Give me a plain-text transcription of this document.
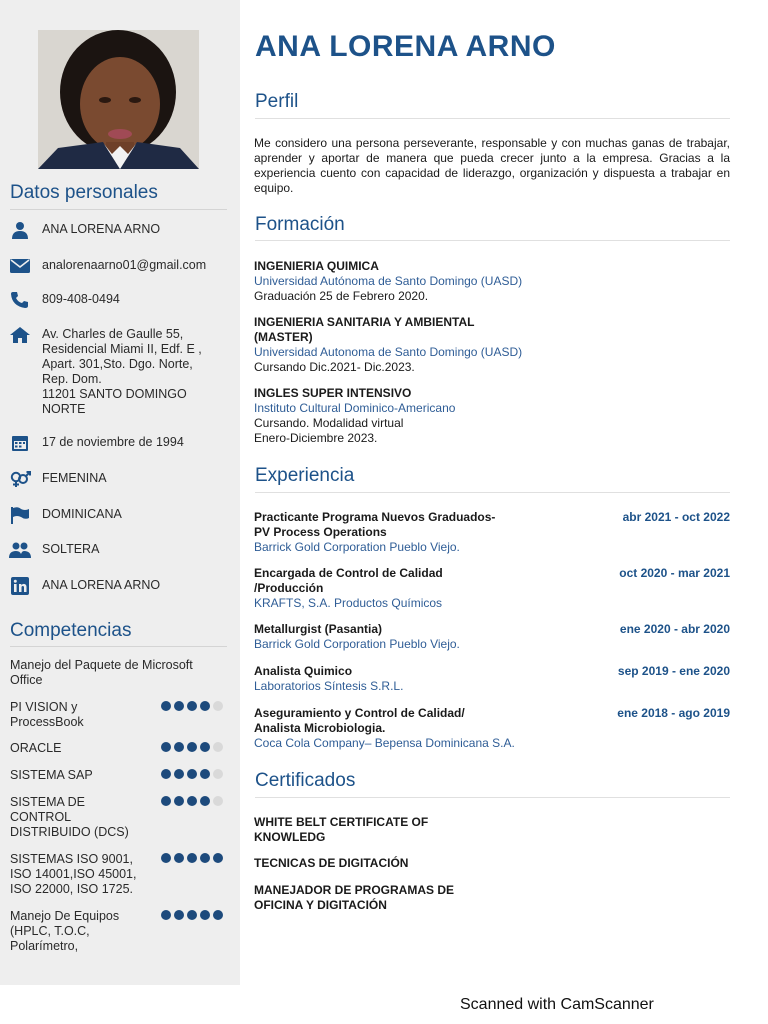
Datos personales
ANA LORENA ARNO
analorenaarno01@gmail.com
809-408-0494
Av. Charles de Gaulle 55,
Residencial Miami II, Edf. E ,
Apart. 301,Sto. Dgo. Norte,
Rep. Dom.
11201 SANTO DOMINGO
NORTE
17 de noviembre de 1994
FEMENINA
DOMINICANA
SOLTERA
ANA LORENA ARNO
Competencias
Manejo del Paquete de Microsoft
Office
PI VISION y
ProcessBook
ORACLE
SISTEMA SAP
SISTEMA DE
CONTROL
DISTRIBUIDO (DCS)
SISTEMAS ISO 9001,
ISO 14001,ISO 45001,
ISO 22000, ISO 1725.
Manejo De Equipos
(HPLC, T.O.C,
Polarímetro,
ANA LORENA ARNO
Perfil
Me considero una persona perseverante, responsable y con muchas ganas de trabajar, aprender y aportar de manera que pueda crecer junto a la empresa. Gracias a la experiencia cuento con capacidad de liderazgo, organización y dispuesta a trabajar en equipo.
Formación
INGENIERIA QUIMICA
Universidad Autónoma de Santo Domingo (UASD)
Graduación 25 de Febrero 2020.
INGENIERIA SANITARIA Y AMBIENTAL
(MASTER)
Universidad Autonoma de Santo Domingo (UASD)
Cursando Dic.2021- Dic.2023.
INGLES SUPER INTENSIVO
Instituto Cultural Dominico-Americano
Cursando. Modalidad virtual
Enero-Diciembre 2023.
Experiencia
Practicante Programa Nuevos Graduados-
PV Process Operations
Barrick Gold Corporation Pueblo Viejo.
abr 2021 - oct 2022
Encargada de Control de Calidad
/Producción
KRAFTS, S.A. Productos Químicos
oct 2020 - mar 2021
Metallurgist (Pasantia)
Barrick Gold Corporation Pueblo Viejo.
ene 2020 - abr 2020
Analista Quimico
Laboratorios Síntesis S.R.L.
sep 2019 - ene 2020
Aseguramiento y Control de Calidad/
Analista Microbiologia.
Coca Cola Company– Bepensa Dominicana S.A.
ene 2018 - ago 2019
Certificados
WHITE BELT CERTIFICATE OF
KNOWLEDG
TECNICAS DE DIGITACIÓN
MANEJADOR DE PROGRAMAS DE
OFICINA Y DIGITACIÓN
Scanned with CamScanner
